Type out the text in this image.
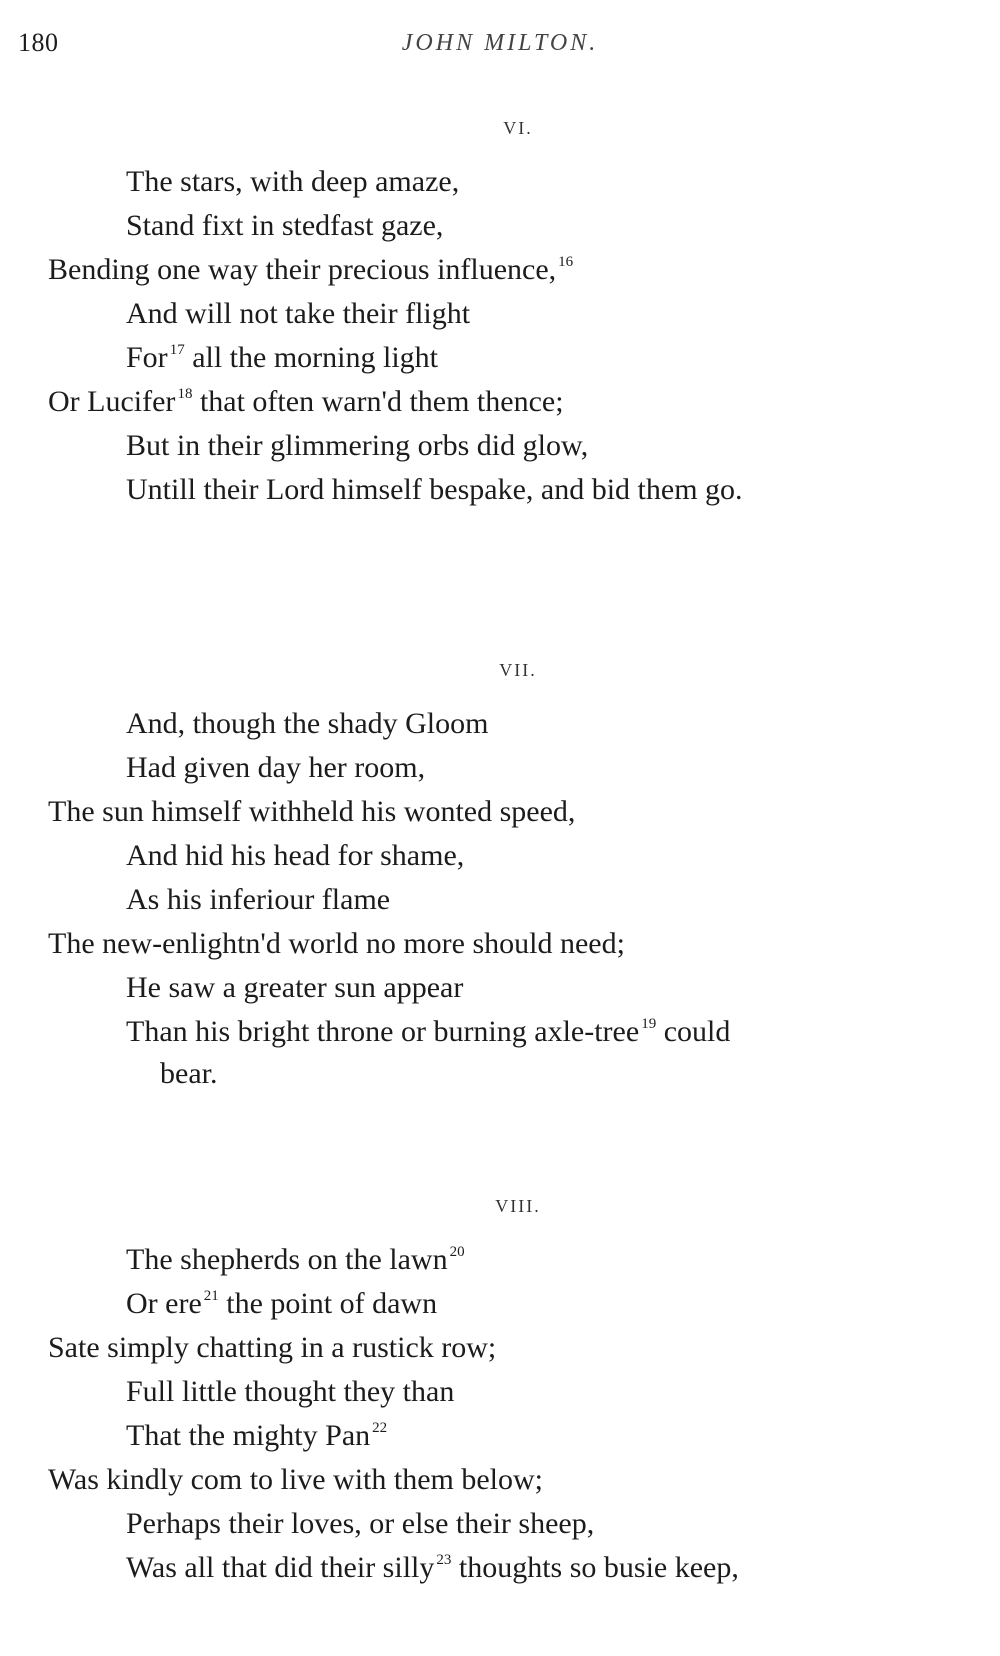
180	JOHN MILTON.
VI.
The stars, with deep amaze,
Stand fixt in stedfast gaze,
Bending one way their precious influence, $^{16}$
And will not take their flight
For $^{17}$ all the morning light
Or Lucifer $^{18}$ that often warn'd them thence;
But in their glimmering orbs did glow,
Untill their Lord himself bespake, and bid them go.
VII.
And, though the shady Gloom
Had given day her room,
The sun himself withheld his wonted speed,
And hid his head for shame,
As his inferiour flame
The new-enlightn'd world no more should need;
He saw a greater sun appear
Than his bright throne or burning axle-tree $^{19}$ could
bear.
VIII.
The shepherds on the lawn $^{20}$
Or ere $^{21}$ the point of dawn
Sate simply chatting in a rustick row;
Full little thought they than
That the mighty Pan $^{22}$
Was kindly com to live with them below;
Perhaps their loves, or else their sheep,
Was all that did their silly $^{23}$ thoughts so busie keep,
